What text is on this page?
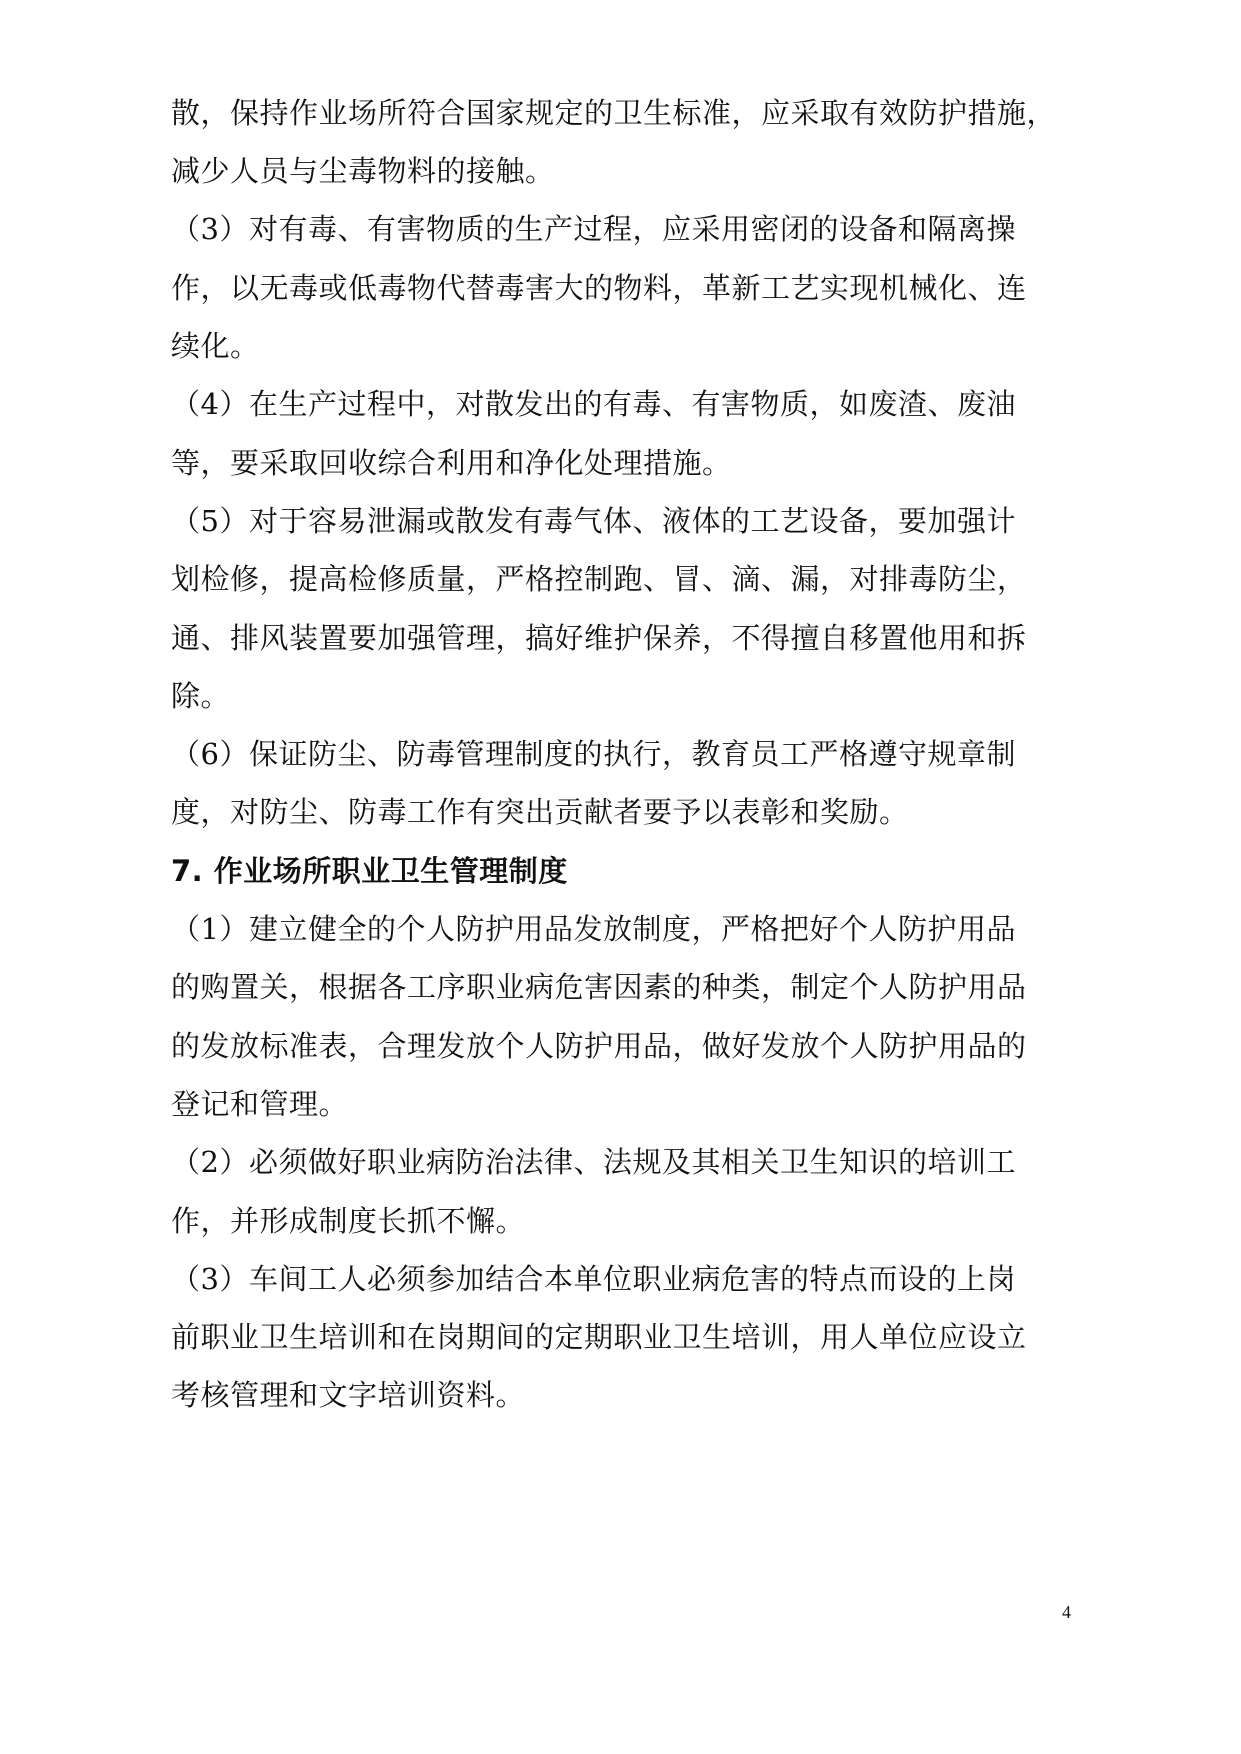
散，保持作业场所符合国家规定的卫生标准，应采取有效防护措施，
减少人员与尘毒物料的接触。
（3）对有毒、有害物质的生产过程，应采用密闭的设备和隔离操
作，以无毒或低毒物代替毒害大的物料，革新工艺实现机械化、连
续化。
（4）在生产过程中，对散发出的有毒、有害物质，如废渣、废油
等，要采取回收综合利用和净化处理措施。
（5）对于容易泄漏或散发有毒气体、液体的工艺设备，要加强计
划检修，提高检修质量，严格控制跑、冒、滴、漏，对排毒防尘，
通、排风装置要加强管理，搞好维护保养，不得擅自移置他用和拆
除。
（6）保证防尘、防毒管理制度的执行，教育员工严格遵守规章制
度，对防尘、防毒工作有突出贡献者要予以表彰和奖励。
7. 作业场所职业卫生管理制度
（1）建立健全的个人防护用品发放制度，严格把好个人防护用品
的购置关，根据各工序职业病危害因素的种类，制定个人防护用品
的发放标准表，合理发放个人防护用品，做好发放个人防护用品的
登记和管理。
（2）必须做好职业病防治法律、法规及其相关卫生知识的培训工
作，并形成制度长抓不懈。
（3）车间工人必须参加结合本单位职业病危害的特点而设的上岗
前职业卫生培训和在岗期间的定期职业卫生培训，用人单位应设立
考核管理和文字培训资料。
4
